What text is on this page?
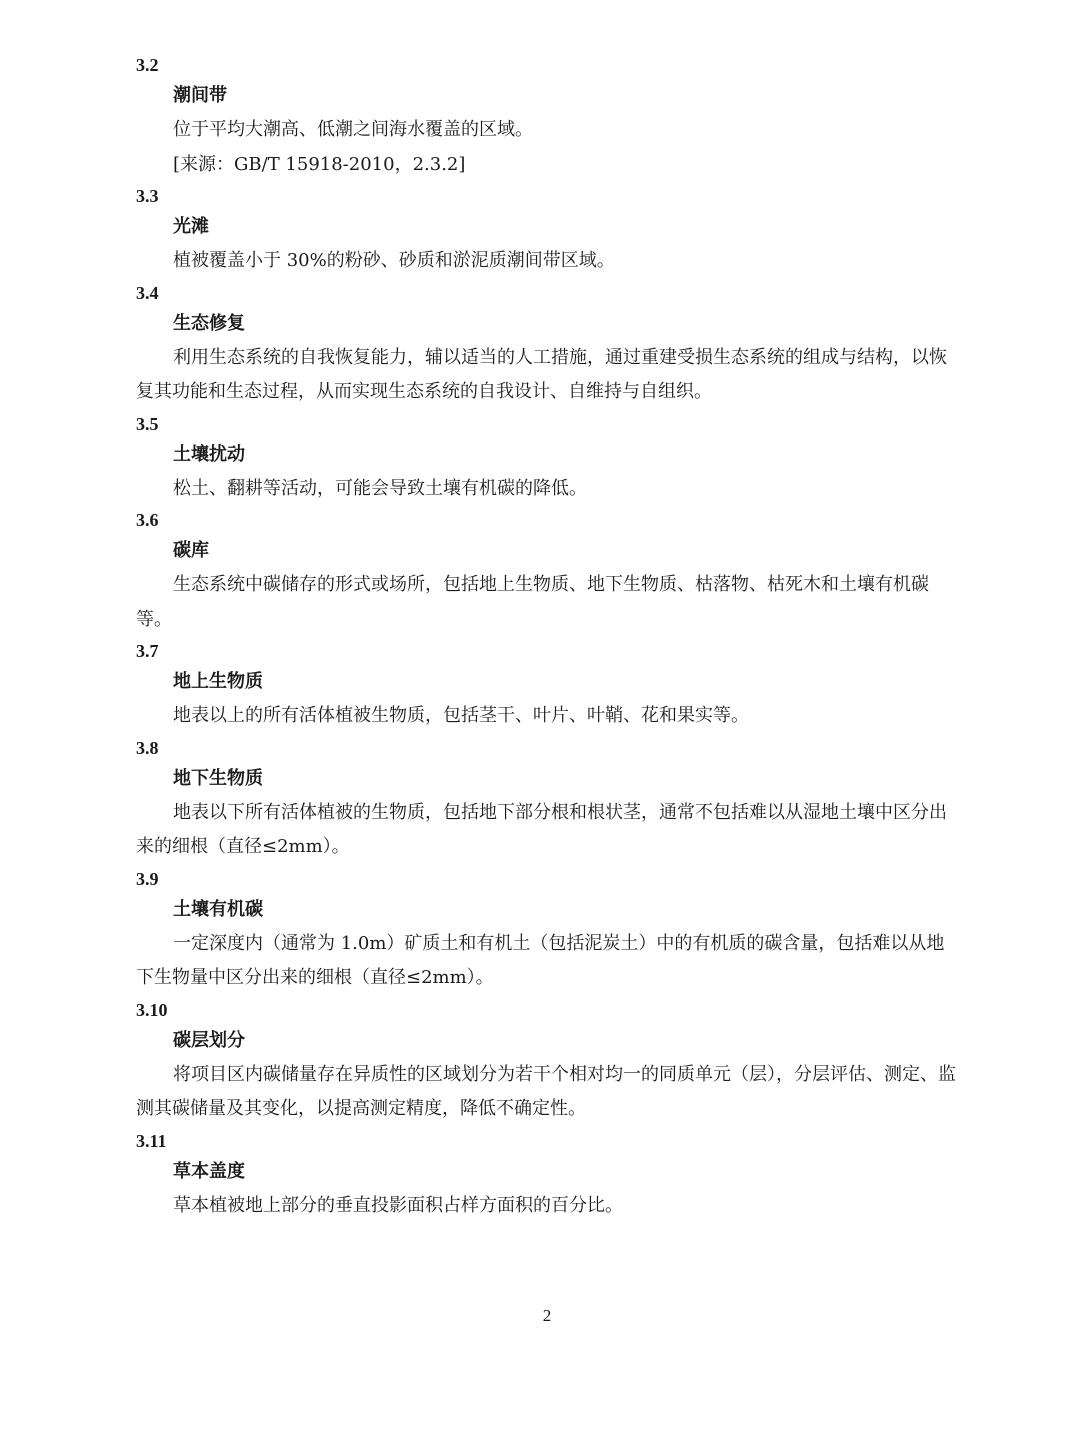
3.2
潮间带

位于平均大潮高、低潮之间海水覆盖的区域。

[来源：GB/T 15918-2010，2.3.2]

3.3
光滩

植被覆盖小于 30%的粉砂、砂质和淤泥质潮间带区域。

3.4
生态修复

利用生态系统的自我恢复能力，辅以适当的人工措施，通过重建受损生态系统的组成与结构，以恢复其功能和生态过程，从而实现生态系统的自我设计、自维持与自组织。

3.5
土壤扰动

松土、翻耕等活动，可能会导致土壤有机碳的降低。

3.6
碳库

生态系统中碳储存的形式或场所，包括地上生物质、地下生物质、枯落物、枯死木和土壤有机碳等。

3.7
地上生物质

地表以上的所有活体植被生物质，包括茎干、叶片、叶鞘、花和果实等。

3.8
地下生物质

地表以下所有活体植被的生物质，包括地下部分根和根状茎，通常不包括难以从湿地土壤中区分出来的细根（直径≤2mm）。

3.9
土壤有机碳

一定深度内（通常为 1.0m）矿质土和有机土（包括泥炭土）中的有机质的碳含量，包括难以从地下生物量中区分出来的细根（直径≤2mm）。

3.10
碳层划分

将项目区内碳储量存在异质性的区域划分为若干个相对均一的同质单元（层），分层评估、测定、监测其碳储量及其变化，以提高测定精度，降低不确定性。

3.11
草本盖度

草本植被地上部分的垂直投影面积占样方面积的百分比。

2
